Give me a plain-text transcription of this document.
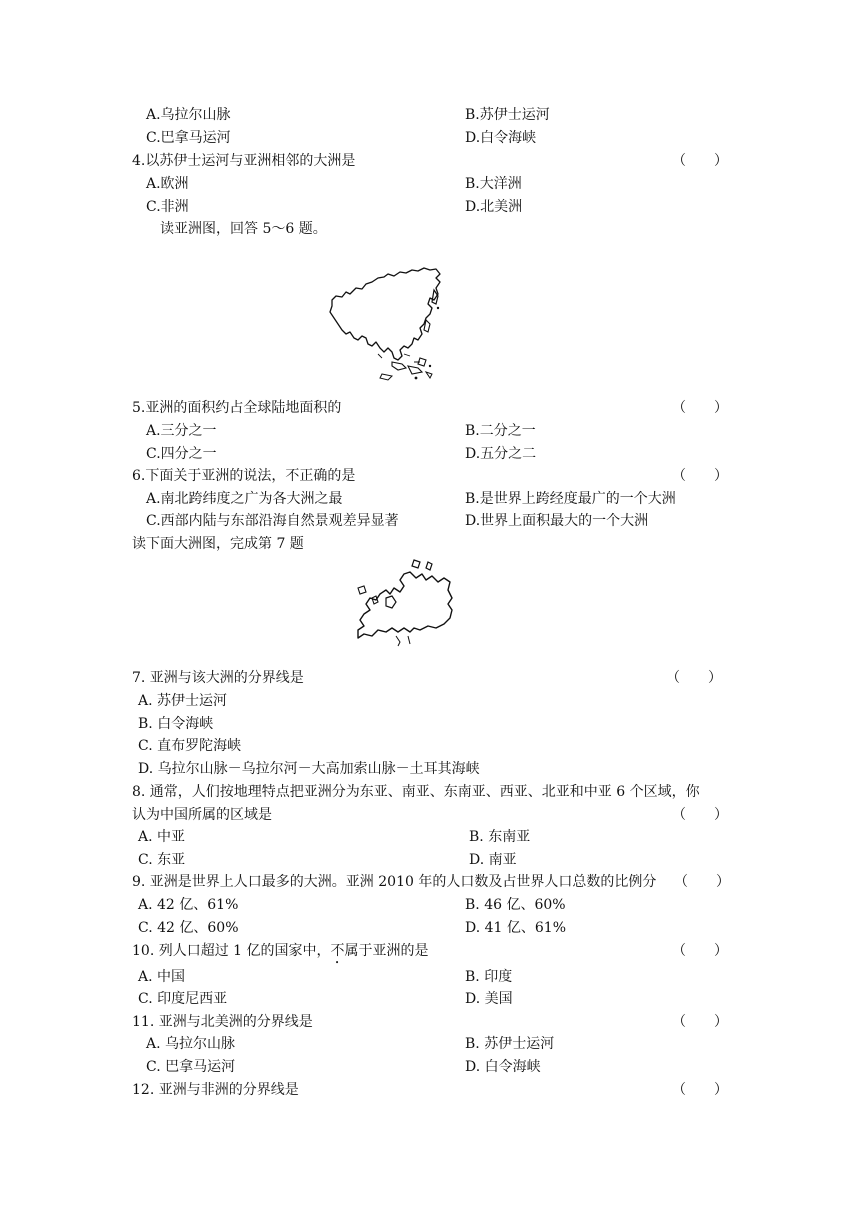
A.乌拉尔山脉	B.苏伊士运河
C.巴拿马运河	D.白令海峡
4.以苏伊士运河与亚洲相邻的大洲是	（　　）
A.欧洲	B.大洋洲
C.非洲	D.北美洲
读亚洲图，回答 5～6 题。
5.亚洲的面积约占全球陆地面积的	（　　）
A.三分之一	B.二分之一
C.四分之一	D.五分之二
6.下面关于亚洲的说法，不正确的是	（　　）
A.南北跨纬度之广为各大洲之最	B.是世界上跨经度最广的一个大洲
C.西部内陆与东部沿海自然景观差异显著	D.世界上面积最大的一个大洲
读下面大洲图，完成第 7 题
7. 亚洲与该大洲的分界线是	（　　）
A. 苏伊士运河
B. 白令海峡
C. 直布罗陀海峡
D. 乌拉尔山脉－乌拉尔河－大高加索山脉－土耳其海峡
8. 通常，人们按地理特点把亚洲分为东亚、南亚、东南亚、西亚、北亚和中亚 6 个区域，你
认为中国所属的区域是	（　　）
A. 中亚	B. 东南亚
C. 东亚	D. 南亚
9. 亚洲是世界上人口最多的大洲。亚洲 2010 年的人口数及占世界人口总数的比例分 （　　）
A. 42 亿、61%	B. 46 亿、60%
C. 42 亿、60%	D. 41 亿、61%
10. 列人口超过 1 亿的国家中，不属于亚洲的是	（　　）
A. 中国	B. 印度
C. 印度尼西亚	D. 美国
11. 亚洲与北美洲的分界线是	（　　）
A. 乌拉尔山脉	B. 苏伊士运河
C. 巴拿马运河	D. 白令海峡
12. 亚洲与非洲的分界线是	（　　）
